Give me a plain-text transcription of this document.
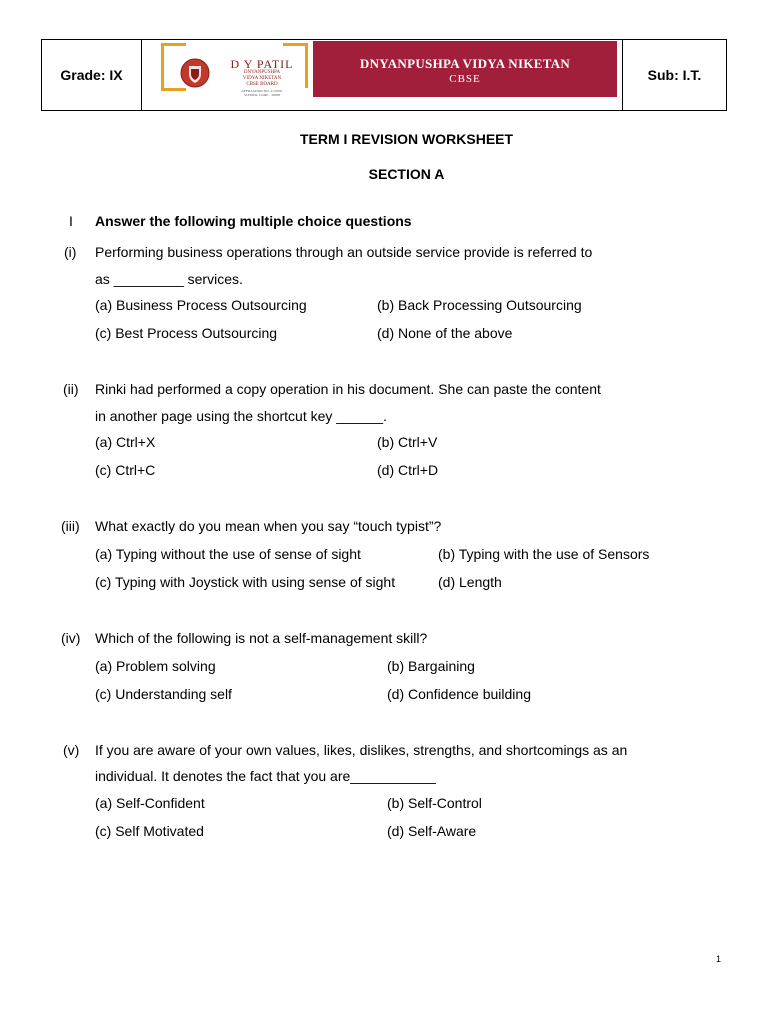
Grade: IX
D Y PATIL
DNYANPUSHPA
VIDYA NIKETAN
CBSE BOARD
AFFILIATION NO. 1131891
SCHOOL CODE - 30958
DNYANPUSHPA VIDYA NIKETAN
CBSE	Sub: I.T.
TERM I REVISION WORKSHEET
SECTION A
I Answer the following multiple choice questions
(i)	Performing business operations through an outside service provide is referred to
as _________ services.
(a) Business Process Outsourcing	(b) Back Processing Outsourcing
(c) Best Process Outsourcing	(d) None of the above
(ii)	Rinki had performed a copy operation in his document. She can paste the content
in another page using the shortcut key ______.
(a) Ctrl+X	(b) Ctrl+V
(c) Ctrl+C	(d) Ctrl+D
(iii)	What exactly do you mean when you say “touch typist”?
(a) Typing without the use of sense of sight	(b) Typing with the use of Sensors
(c) Typing with Joystick with using sense of sight	(d) Length
(iv)	Which of the following is not a self-management skill?
(a) Problem solving	(b) Bargaining
(c) Understanding self	(d) Confidence building
(v)	If you are aware of your own values, likes, dislikes, strengths, and shortcomings as an
individual. It denotes the fact that you are___________
(a) Self-Confident	(b) Self-Control
(c) Self Motivated	(d) Self-Aware
1
